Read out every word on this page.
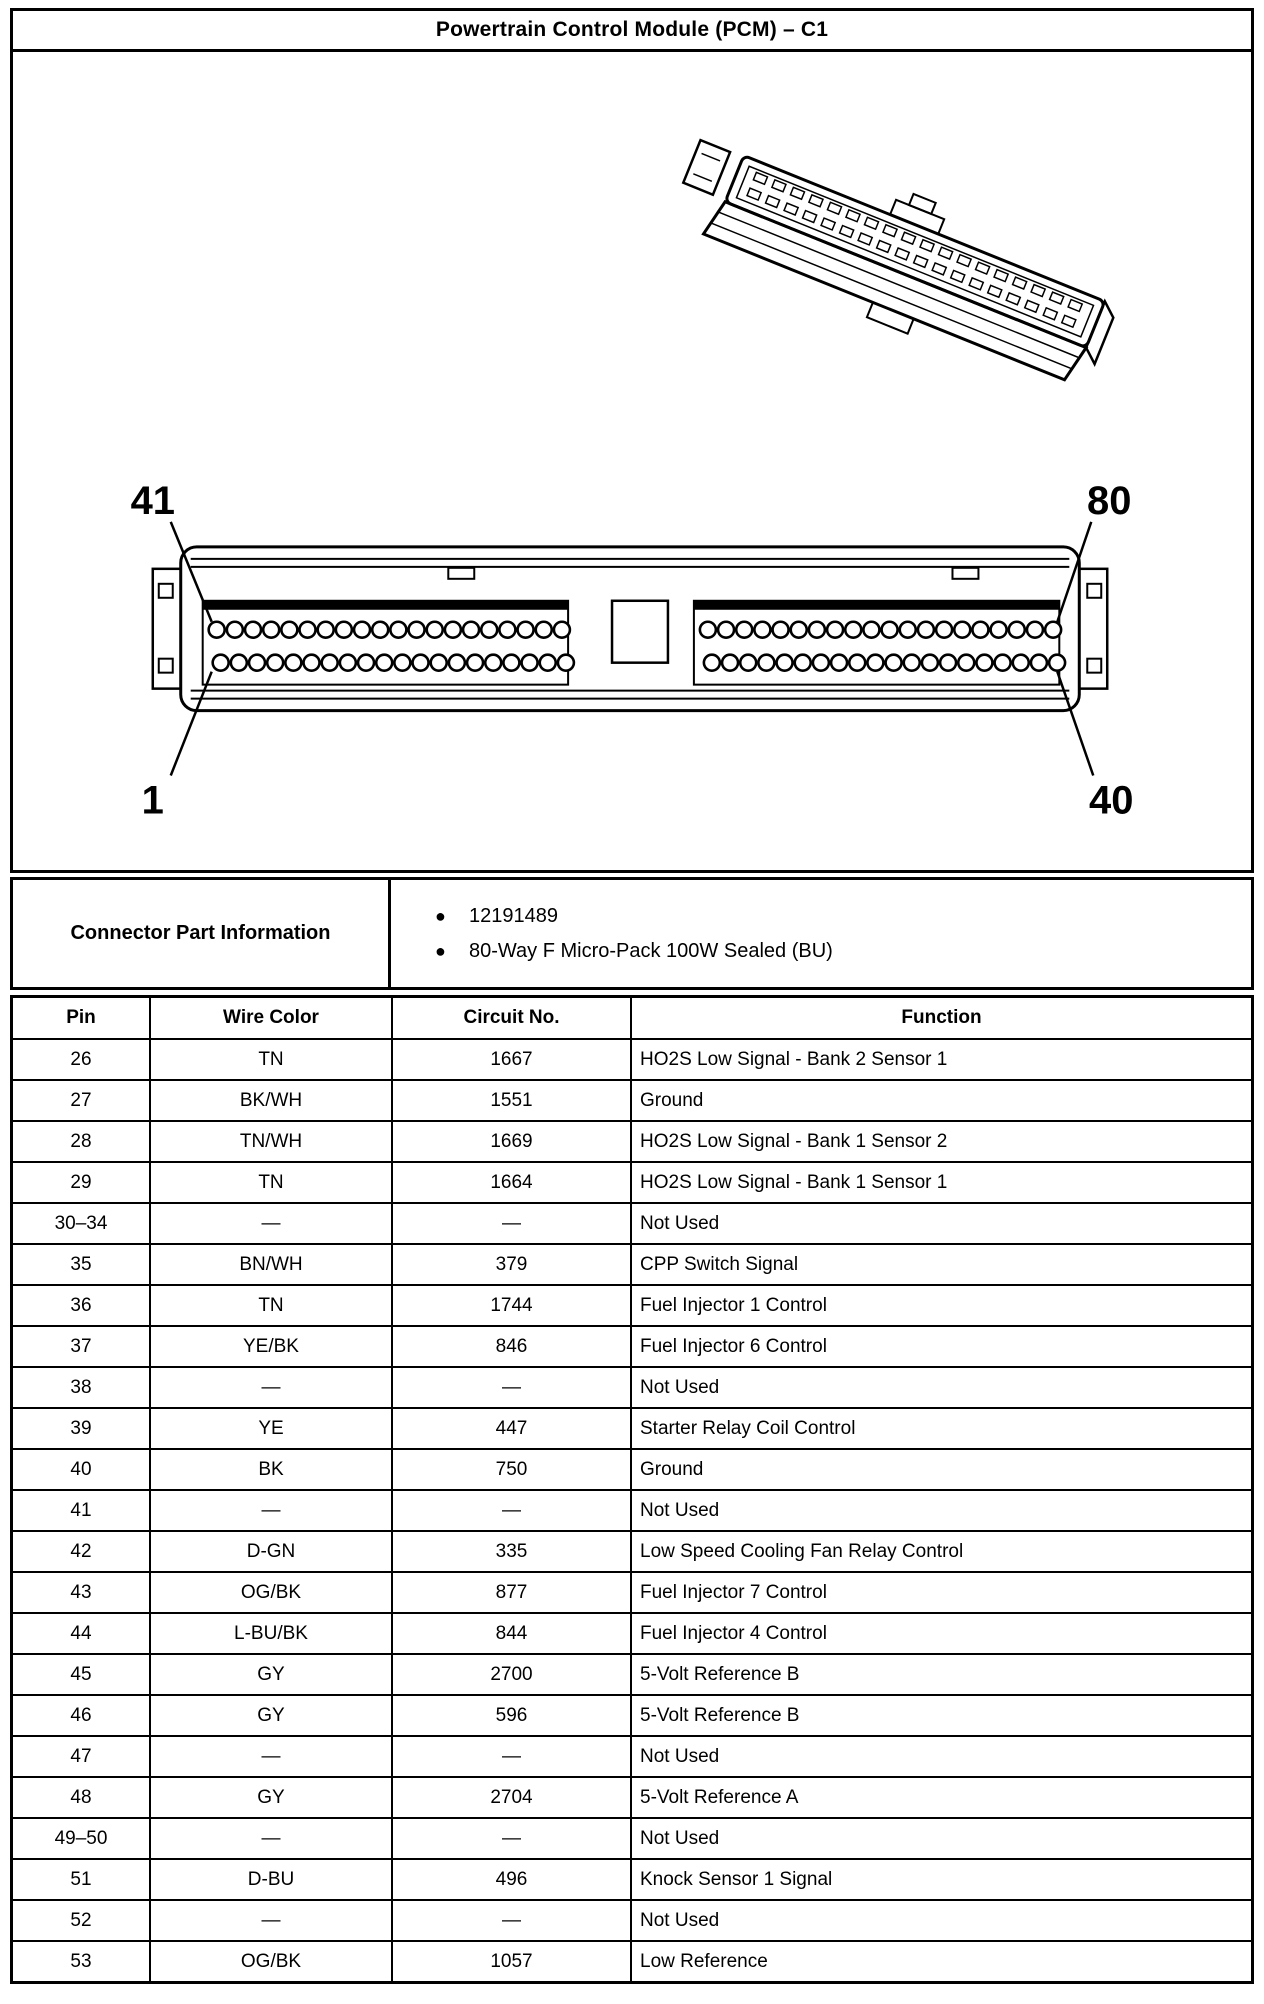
Powertrain Control Module (PCM) – C1
41	80
1	40
Connector Part Information
●	12191489
●	80-Way F Micro-Pack 100W Sealed (BU)
Pin	Wire Color	Circuit No.	Function
26	TN	1667	HO2S Low Signal - Bank 2 Sensor 1
27	BK/WH	1551	Ground
28	TN/WH	1669	HO2S Low Signal - Bank 1 Sensor 2
29	TN	1664	HO2S Low Signal - Bank 1 Sensor 1
30–34	—	—	Not Used
35	BN/WH	379	CPP Switch Signal
36	TN	1744	Fuel Injector 1 Control
37	YE/BK	846	Fuel Injector 6 Control
38	—	—	Not Used
39	YE	447	Starter Relay Coil Control
40	BK	750	Ground
41	—	—	Not Used
42	D-GN	335	Low Speed Cooling Fan Relay Control
43	OG/BK	877	Fuel Injector 7 Control
44	L-BU/BK	844	Fuel Injector 4 Control
45	GY	2700	5-Volt Reference B
46	GY	596	5-Volt Reference B
47	—	—	Not Used
48	GY	2704	5-Volt Reference A
49–50	—	—	Not Used
51	D-BU	496	Knock Sensor 1 Signal
52	—	—	Not Used
53	OG/BK	1057	Low Reference
